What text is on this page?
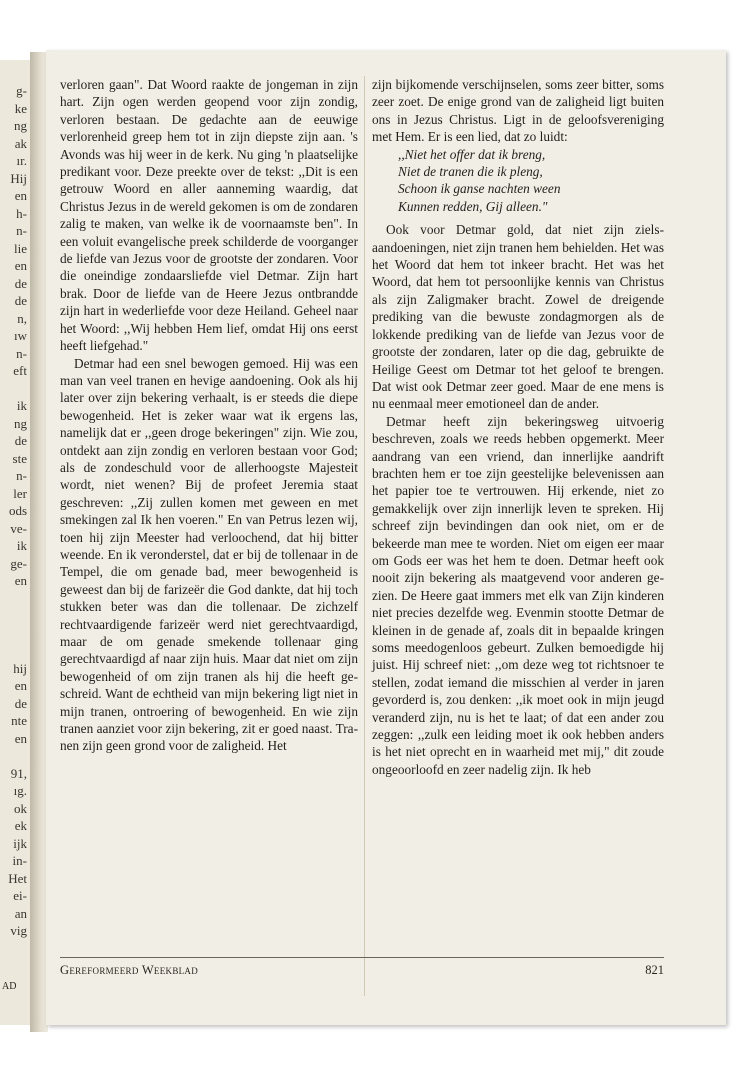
g-
ke
ng
ak
ır.
Hij
en
h-
n-
lie
en
de
de
n,
ıw
n-
eft
ik
ng
de
ste
n-
ler
ods
ve-
ik
ge-
en
hij
en
de
nte
en
91,
ıg.
ok
ek
ijk
in-
Het
ei-
an
vig
AD

verloren gaan". Dat Woord raakte de jongeman in zijn hart. Zijn ogen werden geopend voor zijn zondig, verloren bestaan. De gedachte aan de eeuwige verlorenheid greep hem tot in zijn diepste zijn aan. 's Avonds was hij weer in de kerk. Nu ging 'n plaatselijke predikant voor. Deze preekte over de tekst: ,,Dit is een getrouw Woord en aller aanneming waardig, dat Christus Jezus in de wereld gekomen is om de zondaren zalig te maken, van welke ik de voornaamste ben". In een voluit evangelische preek schilderde de voorganger de liefde van Jezus voor de grootste der zondaren. Voor die oneindige zondaarsliefde viel Detmar. Zijn hart brak. Door de liefde van de Heere Jezus ontbrandde zijn hart in wederliefde voor deze Heiland. Geheel naar het Woord: ,,Wij hebben Hem lief, omdat Hij ons eerst heeft liefgehad."

Detmar had een snel bewogen gemoed. Hij was een man van veel tranen en hevige aandoening. Ook als hij later over zijn bekering verhaalt, is er steeds die diepe bewogenheid. Het is zeker waar wat ik ergens las, namelijk dat er ,,geen droge bekeringen" zijn. Wie zou, ontdekt aan zijn zondig en verloren bestaan voor God; als de zondeschuld voor de allerhoogste Majesteit wordt, niet wenen? Bij de profeet Jeremia staat geschreven: ,,Zij zullen komen met geween en met smekingen zal Ik hen voeren." En van Petrus lezen wij, toen hij zijn Meester had verloochend, dat hij bitter weende. En ik veronderstel, dat er bij de tollenaar in de Tempel, die om genade bad, meer bewogenheid is geweest dan bij de farizeër die God dankte, dat hij toch stukken beter was dan die tollenaar. De zichzelf rechtvaardigende farizeër werd niet gerechtvaardigd, maar de om genade smekende tollenaar ging gerechtvaardigd af naar zijn huis. Maar dat niet om zijn bewogenheid of om zijn tranen als hij die heeft geschreid. Want de echtheid van mijn bekering ligt niet in mijn tranen, ontroering of bewogenheid. En wie zijn tranen aanziet voor zijn bekering, zit er goed naast. Tranen zijn geen grond voor de zaligheid. Het

zijn bijkomende verschijnselen, soms zeer bitter, soms zeer zoet. De enige grond van de zaligheid ligt buiten ons in Jezus Christus. Ligt in de geloofsvereniging met Hem. Er is een lied, dat zo luidt:

,,Niet het offer dat ik breng,
Niet de tranen die ik pleng,
Schoon ik ganse nachten ween
Kunnen redden, Gij alleen."

Ook voor Detmar gold, dat niet zijn zielsaandoeningen, niet zijn tranen hem behielden. Het was het Woord dat hem tot inkeer bracht. Het was het Woord, dat hem tot persoonlijke kennis van Christus als zijn Zaligmaker bracht. Zowel de dreigende prediking van die bewuste zondagmorgen als de lokkende prediking van de liefde van Jezus voor de grootste der zondaren, later op die dag, gebruikte de Heilige Geest om Detmar tot het geloof te brengen. Dat wist ook Detmar zeer goed. Maar de ene mens is nu eenmaal meer emotioneel dan de ander.

Detmar heeft zijn bekeringsweg uitvoerig beschreven, zoals we reeds hebben opgemerkt. Meer aandrang van een vriend, dan innerlijke aandrift brachten hem er toe zijn geestelijke belevenissen aan het papier toe te vertrouwen. Hij erkende, niet zo gemakkelijk over zijn innerlijk leven te spreken. Hij schreef zijn bevindingen dan ook niet, om er de bekeerde man mee te worden. Niet om eigen eer maar om Gods eer was het hem te doen. Detmar heeft ook nooit zijn bekering als maatgevend voor anderen gezien. De Heere gaat immers met elk van Zijn kinderen niet precies dezelfde weg. Evenmin stootte Detmar de kleinen in de genade af, zoals dit in bepaalde kringen soms meedogenloos gebeurt. Zulken bemoedigde hij juist. Hij schreef niet: ,,om deze weg tot richtsnoer te stellen, zodat iemand die misschien al verder in jaren gevorderd is, zou denken: ,,ik moet ook in mijn jeugd veranderd zijn, nu is het te laat; of dat een ander zou zeggen: ,,zulk een leiding moet ik ook hebben anders is het niet oprecht en in waarheid met mij," dit zoude ongeoorloofd en zeer nadelig zijn. Ik heb

Gereformeerd Weekblad	821
